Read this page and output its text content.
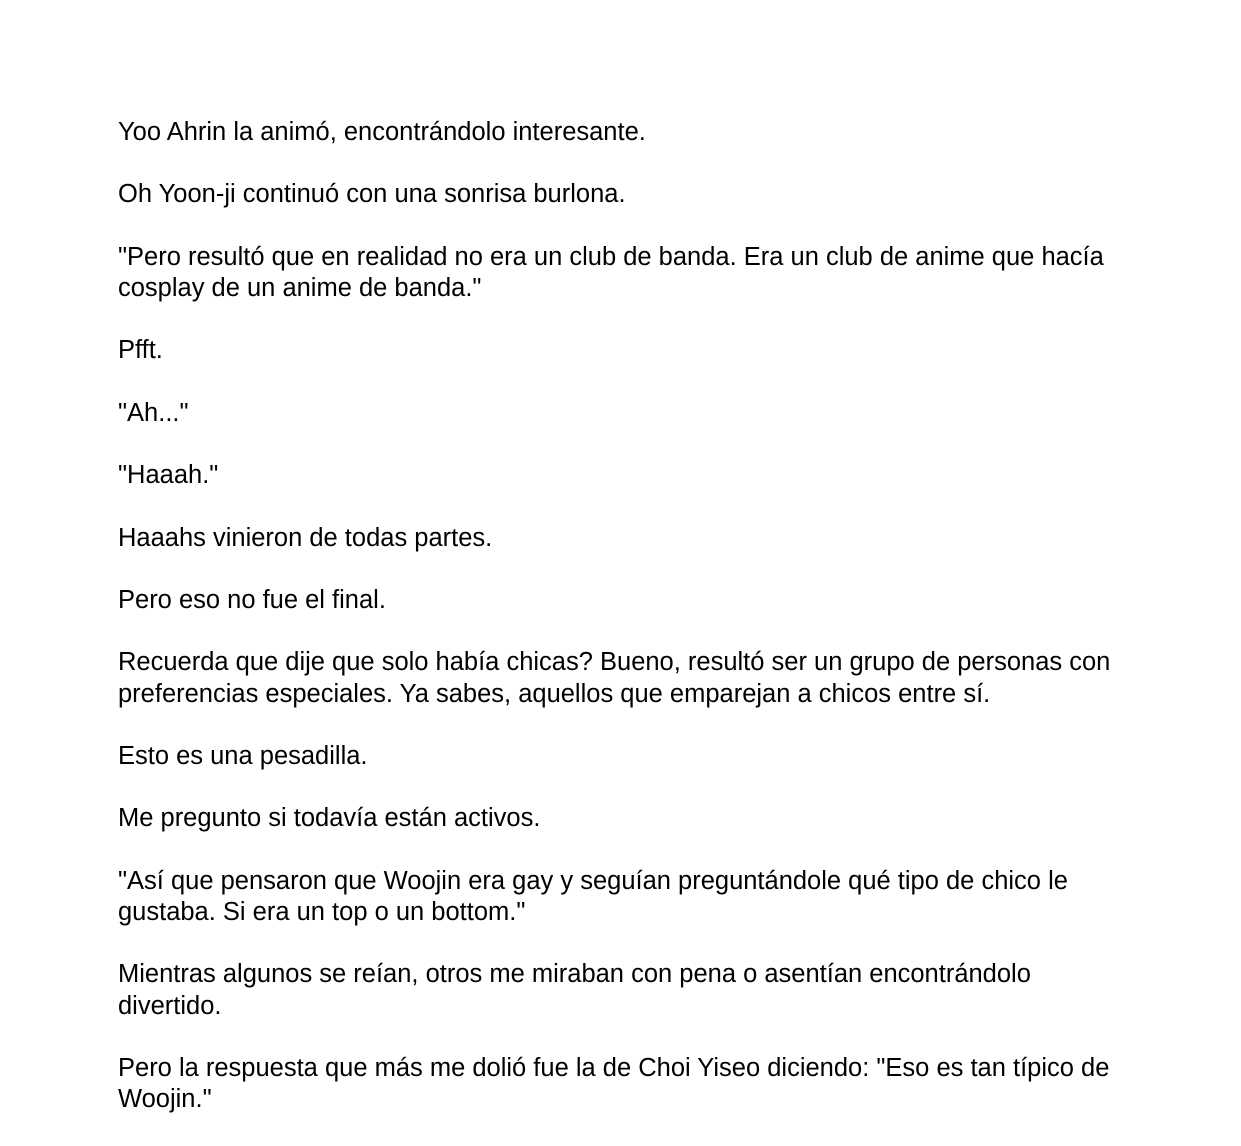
Yoo Ahrin la animó, encontrándolo interesante.

Oh Yoon-ji continuó con una sonrisa burlona.

"Pero resultó que en realidad no era un club de banda. Era un club de anime que hacía cosplay de un anime de banda."

Pfft.

"Ah..."

"Haaah."

Haaahs vinieron de todas partes.

Pero eso no fue el final.

Recuerda que dije que solo había chicas? Bueno, resultó ser un grupo de personas con preferencias especiales. Ya sabes, aquellos que emparejan a chicos entre sí.

Esto es una pesadilla.

Me pregunto si todavía están activos.

"Así que pensaron que Woojin era gay y seguían preguntándole qué tipo de chico le gustaba. Si era un top o un bottom."

Mientras algunos se reían, otros me miraban con pena o asentían encontrándolo divertido.

Pero la respuesta que más me dolió fue la de Choi Yiseo diciendo: "Eso es tan típico de Woojin."
